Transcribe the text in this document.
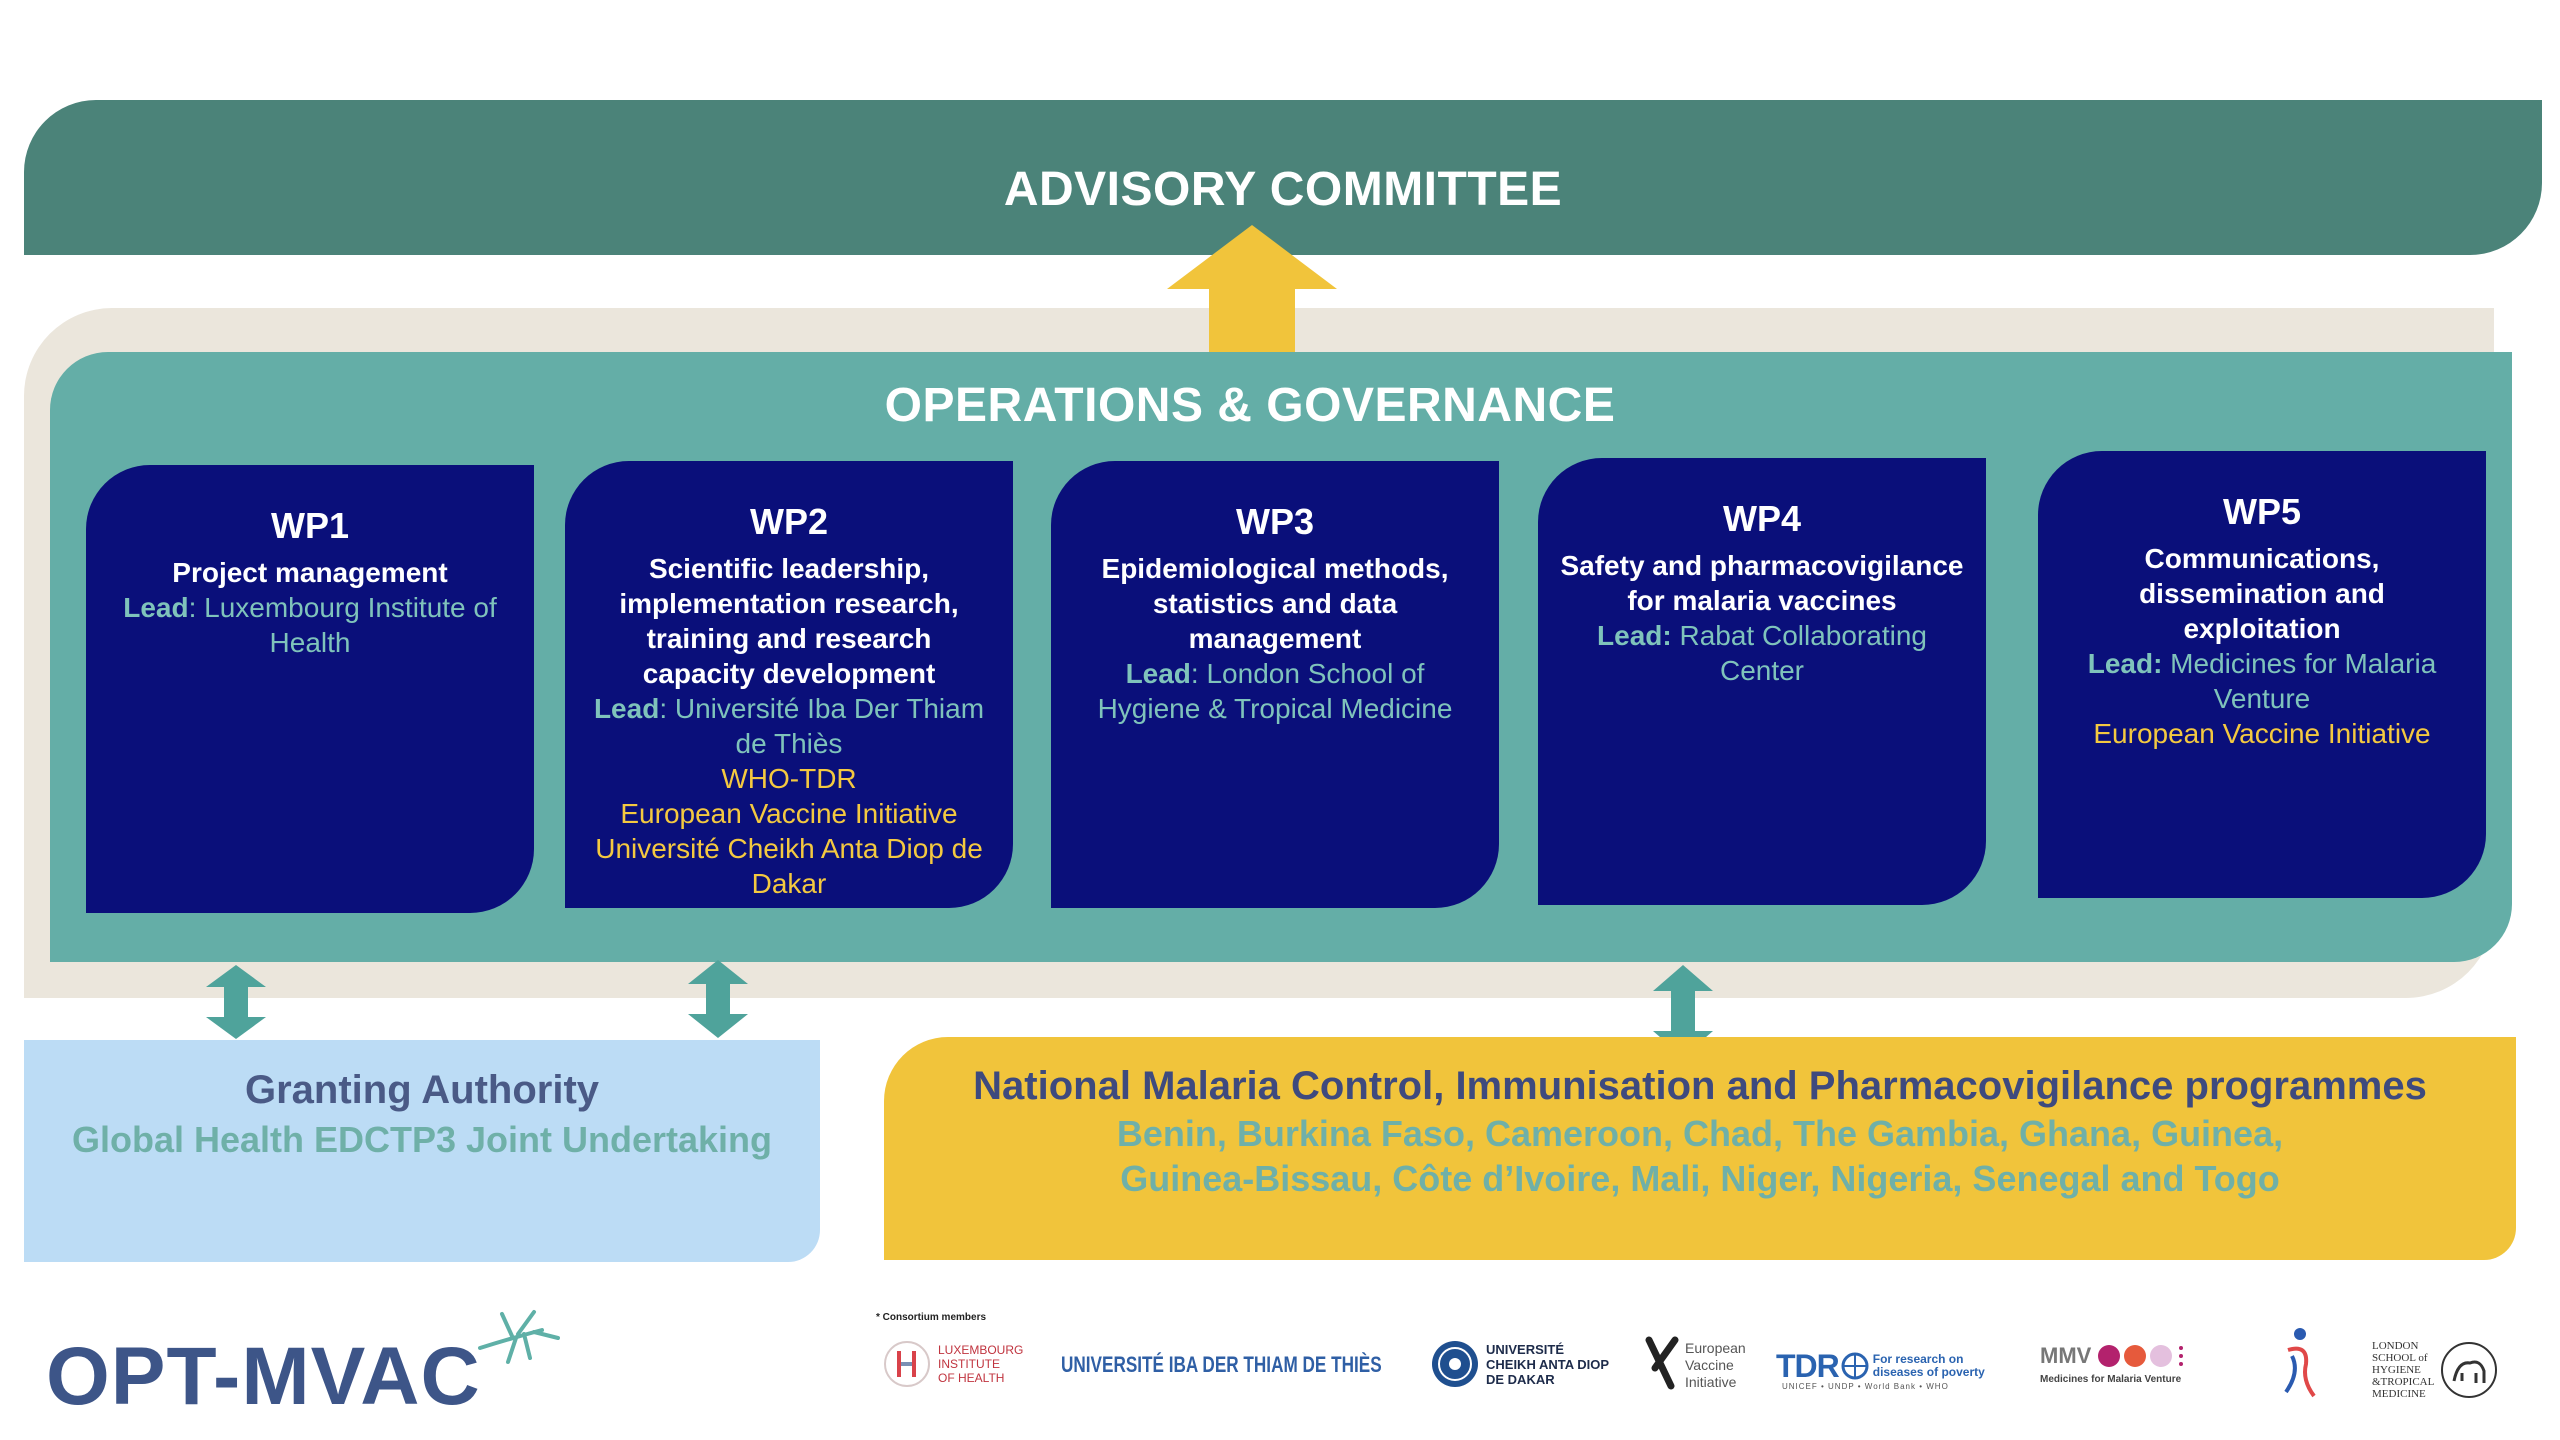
ADVISORY COMMITTEE
OPERATIONS & GOVERNANCE
WP1
Project management
Lead: Luxembourg Institute of
Health
WP2
Scientific leadership,
implementation research,
training and research
capacity development
Lead: Université Iba Der Thiam
de Thiès
WHO-TDR
European Vaccine Initiative
Université Cheikh Anta Diop de
Dakar
WP3
Epidemiological methods,
statistics and data
management
Lead: London School of
Hygiene & Tropical Medicine
WP4
Safety and pharmacovigilance
for malaria vaccines
Lead: Rabat Collaborating
Center
WP5
Communications,
dissemination and
exploitation
Lead: Medicines for Malaria
Venture
European Vaccine Initiative
Granting Authority
Global Health EDCTP3 Joint Undertaking
National Malaria Control, Immunisation and Pharmacovigilance programmes
Benin, Burkina Faso, Cameroon, Chad, The Gambia, Ghana, Guinea,
Guinea-Bissau, Côte d’Ivoire, Mali, Niger, Nigeria, Senegal and Togo
OPT-MVAC
* Consortium members
LUXEMBOURG
INSTITUTE
OF HEALTH
UNIVERSITÉ IBA DER THIAM DE THIÈS
UNIVERSITÉ
CHEIKH ANTA DIOP
DE DAKAR
European
Vaccine
Initiative TDR	For research on
diseases of poverty
UNICEF • UNDP • World Bank • WHO
MMV
Medicines for Malaria Venture
LONDON
SCHOOL of
HYGIENE
&TROPICAL
MEDICINE
